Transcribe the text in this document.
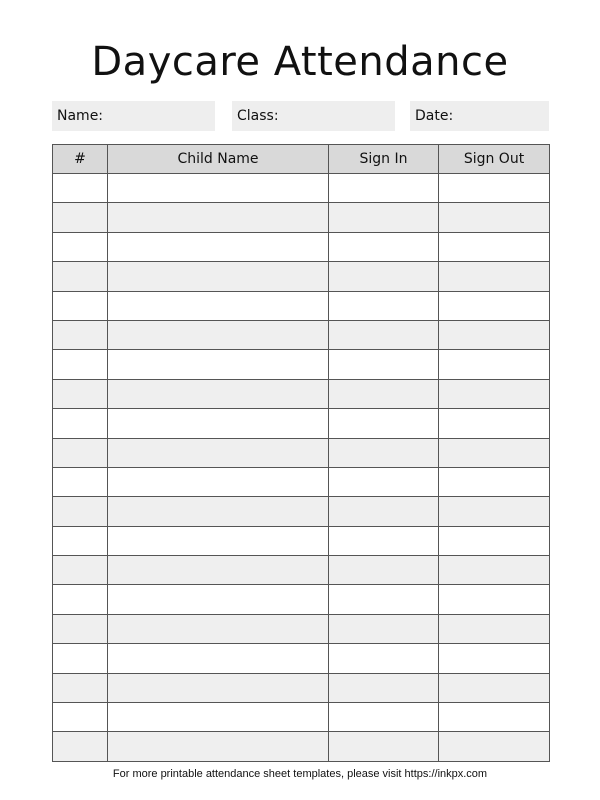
Daycare Attendance
Name:	Class:	Date:
#	Child Name	Sign In	Sign Out

For more printable attendance sheet templates, please visit https://inkpx.com
